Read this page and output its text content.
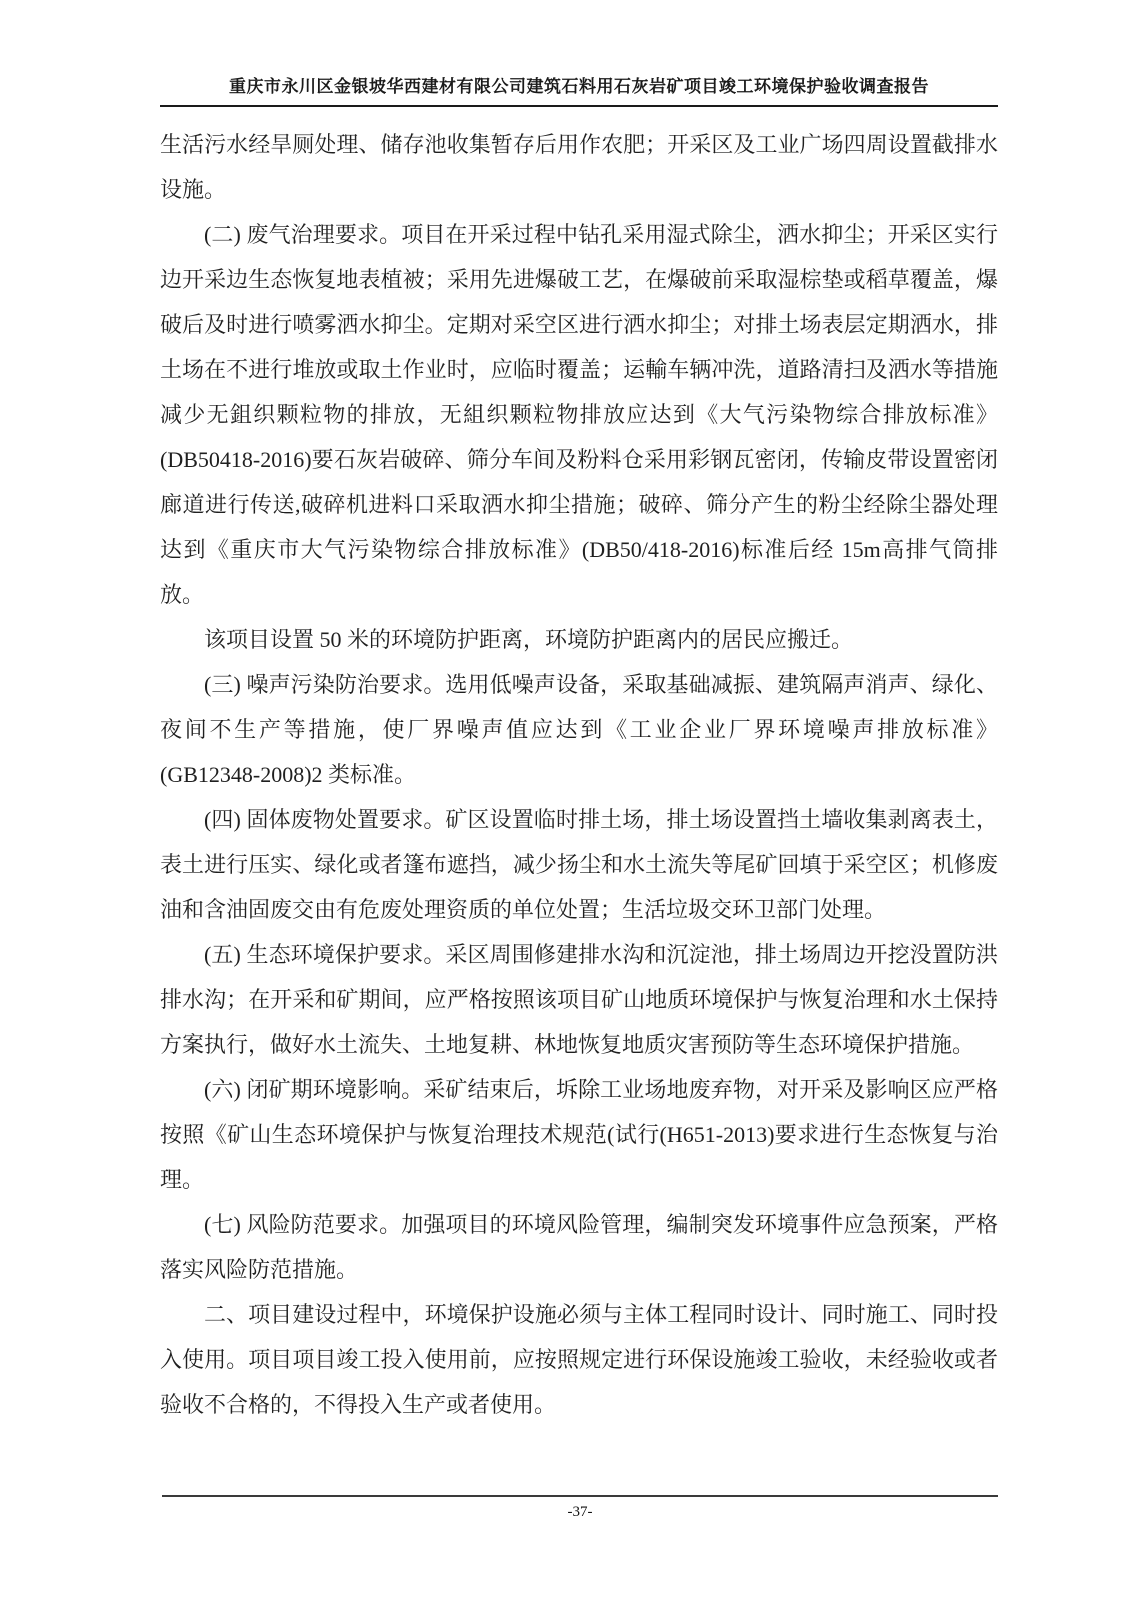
重庆市永川区金银坡华西建材有限公司建筑石料用石灰岩矿项目竣工环境保护验收调查报告

生活污水经旱厕处理、储存池收集暂存后用作农肥；开采区及工业广场四周设置截排水设施。

(二) 废气治理要求。项目在开采过程中钻孔采用湿式除尘，洒水抑尘；开采区实行边开采边生态恢复地表植被；采用先进爆破工艺，在爆破前采取湿棕垫或稻草覆盖，爆破后及时进行喷雾洒水抑尘。定期对采空区进行洒水抑尘；对排土场表层定期洒水，排土场在不进行堆放或取土作业时，应临时覆盖；运輸车辆冲洗，道路清扫及洒水等措施减少无鉏织颗粒物的排放，无組织颗粒物排放应达到《大气污染物综合排放标准》(DB50418-2016)要石灰岩破碎、筛分车间及粉料仓采用彩钢瓦密闭，传输皮带设置密闭廊道进行传送,破碎机进料口采取洒水抑尘措施；破碎、筛分产生的粉尘经除尘器处理达到《重庆市大气污染物综合排放标准》(DB50/418-2016)标准后经 15m高排气筒排放。

该项目设置 50 米的环境防护距离，环境防护距离内的居民应搬迁。

(三) 噪声污染防治要求。选用低噪声设备，采取基础减振、建筑隔声消声、绿化、夜间不生产等措施，使厂界噪声值应达到《工业企业厂界环境噪声排放标准》(GB12348-2008)2 类标准。

(四) 固体废物处置要求。矿区设置临时排土场，排土场设置挡土墙收集剥离表土，表土进行压实、绿化或者篷布遮挡，减少扬尘和水土流失等尾矿回填于采空区；机修废油和含油固废交由有危废处理资质的单位处置；生活垃圾交环卫部门处理。

(五) 生态环境保护要求。采区周围修建排水沟和沉淀池，排土场周边开挖没置防洪排水沟；在开采和矿期间，应严格按照该项目矿山地质环境保护与恢复治理和水土保持方案执行，做好水土流失、土地复耕、林地恢复地质灾害预防等生态环境保护措施。

(六) 闭矿期环境影响。采矿结束后，坼除工业场地废弃物，对开采及影响区应严格按照《矿山生态环境保护与恢复治理技术规范(试行(H651-2013)要求进行生态恢复与治理。

(七) 风险防范要求。加强项目的环境风险管理，编制突发环境事件应急预案，严格落实风险防范措施。

二、项目建设过程中，环境保护设施必须与主体工程同时设计、同时施工、同时投入使用。项目项目竣工投入使用前，应按照规定进行环保设施竣工验收，未经验收或者验收不合格的，不得投入生产或者使用。

-37-
